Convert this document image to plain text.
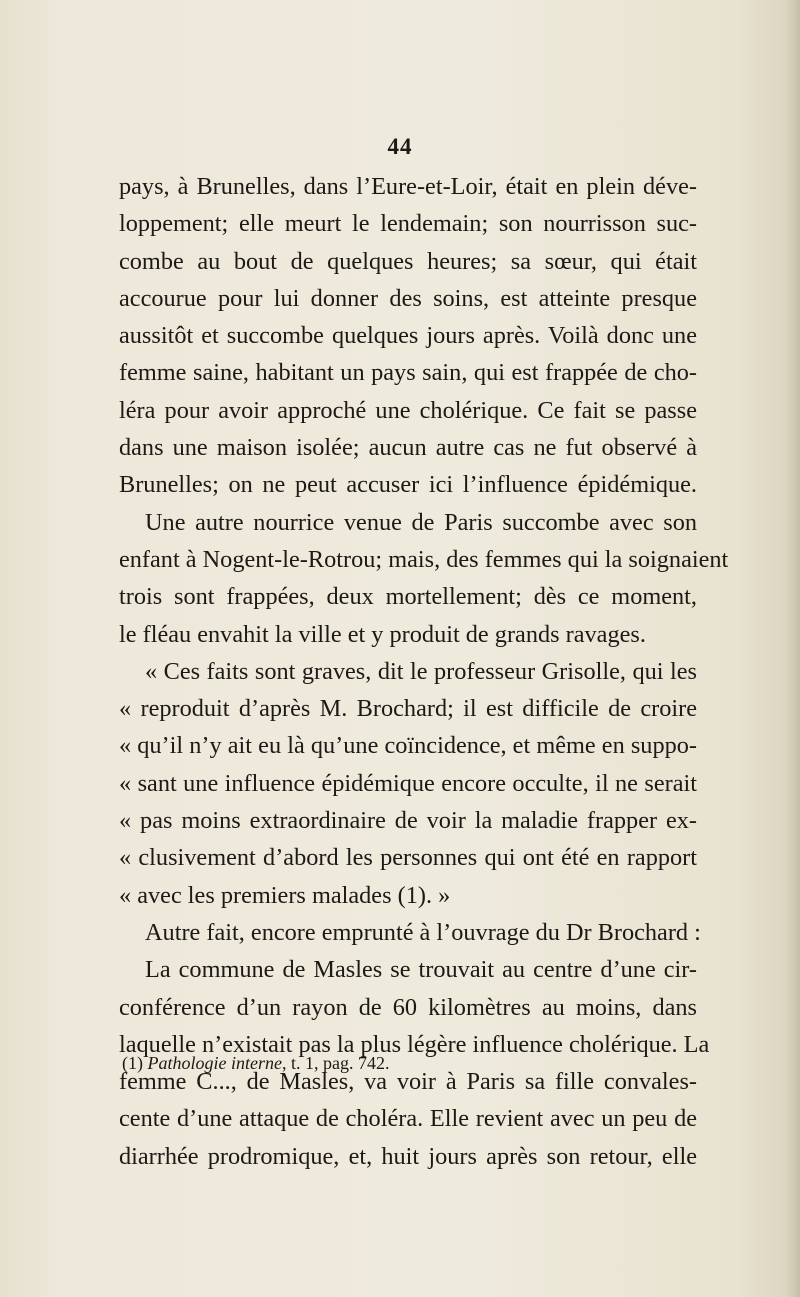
44
pays, à Brunelles, dans l’Eure-et-Loir, était en plein déve-
loppement; elle meurt le lendemain; son nourrisson suc-
combe au bout de quelques heures; sa sœur, qui était
accourue pour lui donner des soins, est atteinte presque
aussitôt et succombe quelques jours après. Voilà donc une
femme saine, habitant un pays sain, qui est frappée de cho-
léra pour avoir approché une cholérique. Ce fait se passe
dans une maison isolée; aucun autre cas ne fut observé à
Brunelles; on ne peut accuser ici l’influence épidémique.
Une autre nourrice venue de Paris succombe avec son
enfant à Nogent-le-Rotrou; mais, des femmes qui la soignaient
trois sont frappées, deux mortellement; dès ce moment,
le fléau envahit la ville et y produit de grands ravages.
« Ces faits sont graves, dit le professeur Grisolle, qui les
« reproduit d’après M. Brochard; il est difficile de croire
« qu’il n’y ait eu là qu’une coïncidence, et même en suppo-
« sant une influence épidémique encore occulte, il ne serait
« pas moins extraordinaire de voir la maladie frapper ex-
« clusivement d’abord les personnes qui ont été en rapport
« avec les premiers malades (1). »
Autre fait, encore emprunté à l’ouvrage du Dr Brochard :
La commune de Masles se trouvait au centre d’une cir-
conférence d’un rayon de 60 kilomètres au moins, dans
laquelle n’existait pas la plus légère influence cholérique. La
femme C..., de Masles, va voir à Paris sa fille convales-
cente d’une attaque de choléra. Elle revient avec un peu de
diarrhée prodromique, et, huit jours après son retour, elle
(1) Pathologie interne, t. 1, pag. 742.
